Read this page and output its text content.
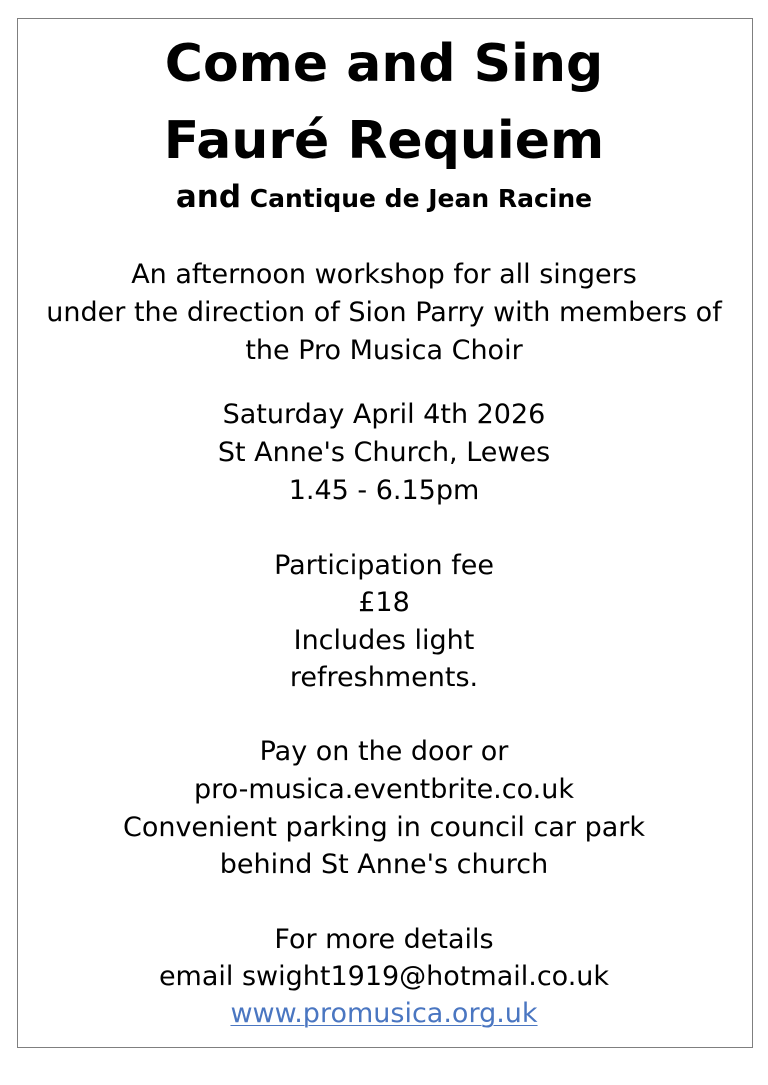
Come and Sing
Fauré Requiem
and Cantique de Jean Racine
An afternoon workshop for all singers
under the direction of Sion Parry with members of
the Pro Musica Choir
Saturday April 4th 2026
St Anne's Church, Lewes
1.45 - 6.15pm
Participation fee
£18
Includes light
refreshments.
Pay on the door or
pro-musica.eventbrite.co.uk
Convenient parking in council car park
behind St Anne's church
For more details
email swight1919@hotmail.co.uk
www.promusica.org.uk
